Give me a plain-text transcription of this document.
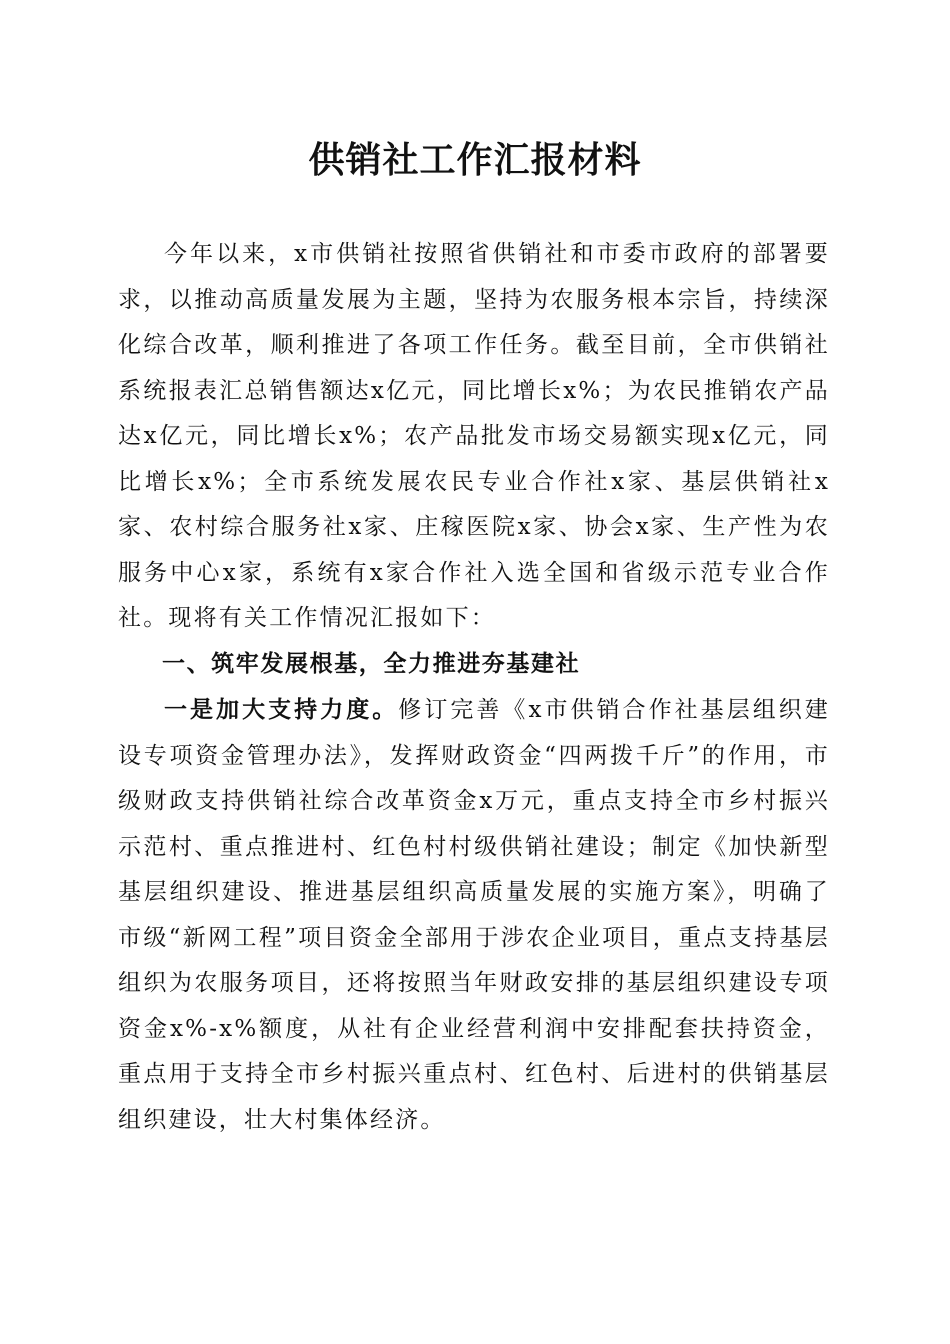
供销社工作汇报材料

今年以来，x市供销社按照省供销社和市委市政府的部署要求，以推动高质量发展为主题，坚持为农服务根本宗旨，持续深化综合改革，顺利推进了各项工作任务。截至目前，全市供销社系统报表汇总销售额达x亿元，同比增长x%；为农民推销农产品达x亿元，同比增长x%；农产品批发市场交易额实现x亿元，同比增长x%；全市系统发展农民专业合作社x家、基层供销社x家、农村综合服务社x家、庄稼医院x家、协会x家、生产性为农服务中心x家，系统有x家合作社入选全国和省级示范专业合作社。现将有关工作情况汇报如下：

一、筑牢发展根基，全力推进夯基建社

一是加大支持力度。修订完善《x市供销合作社基层组织建设专项资金管理办法》，发挥财政资金“四两拨千斤”的作用，市级财政支持供销社综合改革资金x万元，重点支持全市乡村振兴示范村、重点推进村、红色村村级供销社建设；制定《加快新型基层组织建设、推进基层组织高质量发展的实施方案》，明确了市级“新网工程”项目资金全部用于涉农企业项目，重点支持基层组织为农服务项目，还将按照当年财政安排的基层组织建设专项资金x%-x%额度，从社有企业经营利润中安排配套扶持资金，重点用于支持全市乡村振兴重点村、红色村、后进村的供销基层组织建设，壮大村集体经济。
